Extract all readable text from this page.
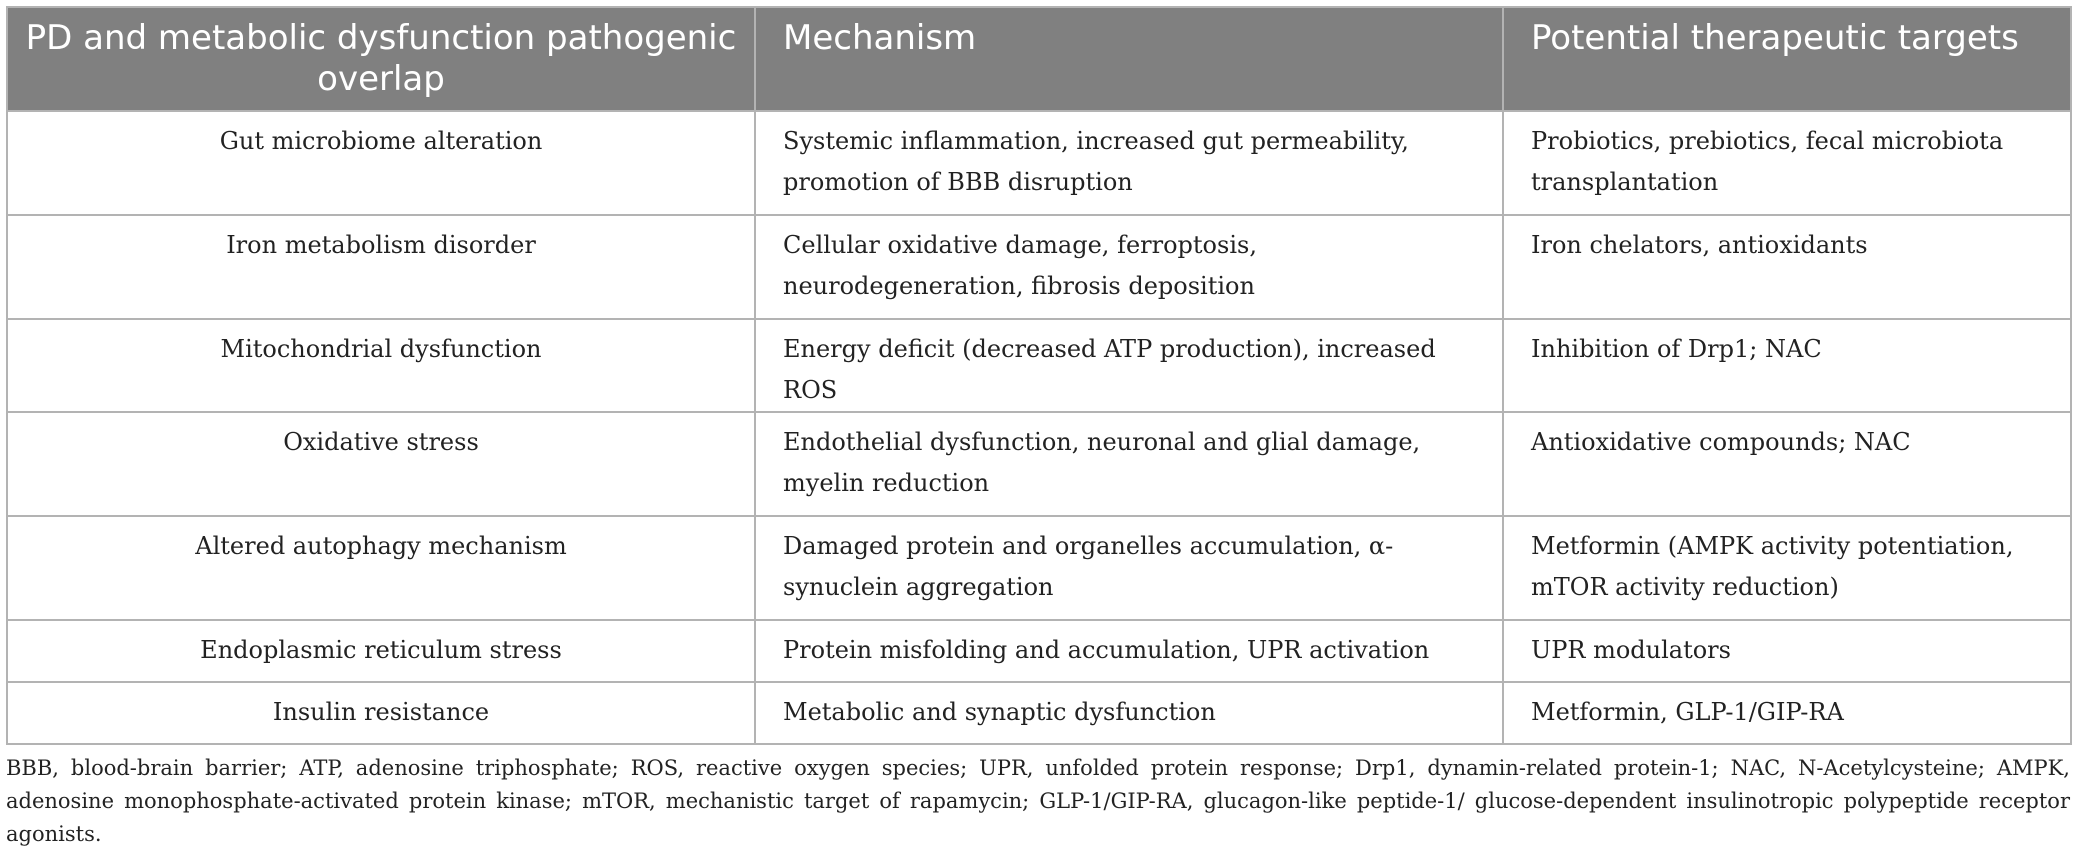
PD and metabolic dysfunction pathogenic overlap	Mechanism	Potential therapeutic targets
Gut microbiome alteration	Systemic inflammation, increased gut permeability, promotion of BBB disruption	Probiotics, prebiotics, fecal microbiota transplantation
Iron metabolism disorder	Cellular oxidative damage, ferroptosis, neurodegeneration, fibrosis deposition	Iron chelators, antioxidants
Mitochondrial dysfunction	Energy deficit (decreased ATP production), increased ROS	Inhibition of Drp1; NAC
Oxidative stress	Endothelial dysfunction, neuronal and glial damage, myelin reduction	Antioxidative compounds; NAC
Altered autophagy mechanism	Damaged protein and organelles accumulation, α-synuclein aggregation	Metformin (AMPK activity potentiation, mTOR activity reduction)
Endoplasmic reticulum stress	Protein misfolding and accumulation, UPR activation	UPR modulators
Insulin resistance	Metabolic and synaptic dysfunction	Metformin, GLP-1/GIP-RA

BBB, blood-brain barrier; ATP, adenosine triphosphate; ROS, reactive oxygen species; UPR, unfolded protein response; Drp1, dynamin-related protein-1; NAC, N-Acetylcysteine; AMPK, adenosine monophosphate-activated protein kinase; mTOR, mechanistic target of rapamycin; GLP-1/GIP-RA, glucagon-like peptide-1/ glucose-dependent insulinotropic polypeptide receptor agonists.
